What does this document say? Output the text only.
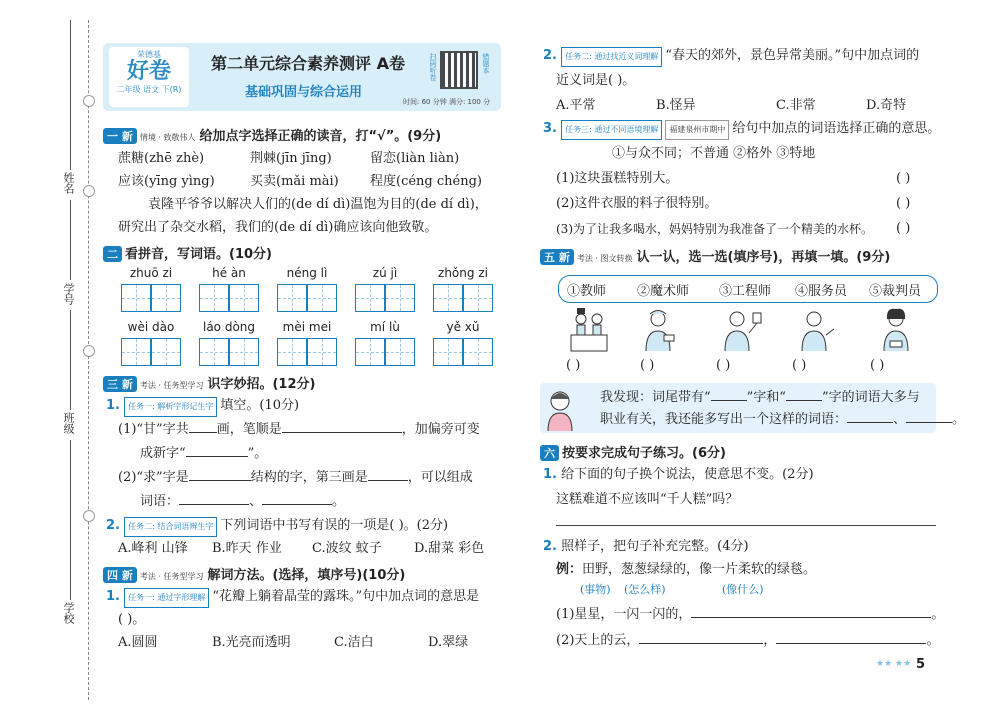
姓名
学号
班级
学校
荣德基
好卷
二年级 语文 下(R)
第二单元综合素养测评 A卷
基础巩固与综合运用
扫码听卷	错题本
时间: 60 分钟 满分: 100 分
一 新 情境 · 致敬伟人 给加点字选择正确的读音，打“√”。(9分)
蔗糖(zhē zhè)	荆棘(jīn jīng)	留恋(liàn liàn)
应该(yīng yìng)	买卖(mǎi mài) 程度(céng chéng)
袁隆平爷爷以解决人们的(de dí dì)温饱为目的(de dí dì)，
研究出了杂交水稻，我们的(de dí dì)确应该向他致敬。
二 看拼音，写词语。(10分)
zhuō zi	hé àn	néng lì	zú jì	zhǒng zi
wèi dào	láo dòng	mèi mei	mí lù	yě xǔ
三 新 考法 · 任务型学习 识字妙招。(12分)
1. 任务一: 解析字形记生字 填空。(10分)
(1)“甘”字共 画，笔顺是	，加偏旁可变
成新字“	”。
(2)“求”字是	结构的字，第三画是	，可以组成
词语：	、	。
2. 任务二: 结合词语辨生字 下列词语中书写有误的一项是( )。(2分)
A.峰利 山锋 B.昨天 作业 C.波纹 蚊子 D.甜菜 彩色
四 新 考法 · 任务型学习 解词方法。(选择，填序号)(10分)
1. 任务一: 通过字形理解 “花瓣上躺着晶莹的露珠。”句中加点词的意思是
( )。
A.圆圆	B.光亮而透明	C.洁白	D.翠绿
2. 任务二: 通过找近义词理解 “春天的郊外，景色异常美丽。”句中加点词的
近义词是( )。
A.平常	B.怪异	C.非常	D.奇特
3. 任务三: 通过不同语境理解 福建泉州市期中 给句中加点的词语选择正确的意思。
①与众不同；不普通 ②格外 ③特地
(1)这块蛋糕特别大。	( )
(2)这件衣服的料子很特别。	( )
(3)为了让我多喝水，妈妈特别为我准备了一个精美的水杯。 ( )
五 新 考法 · 图文转换 认一认，选一选(填序号)，再填一填。(9分)
①教师 ②魔术师 ③工程师 ④服务员 ⑤裁判员
( )	( )	( )	( )	( )
我发现：词尾带有“	”字和“	”字的词语大多与
职业有关，我还能多写出一个这样的词语：	、	。
六 按要求完成句子练习。(6分)
1. 给下面的句子换个说法，使意思不变。(2分)
这糕难道不应该叫“千人糕”吗？
2. 照样子，把句子补充完整。(4分)
例：田野，葱葱绿绿的，像一片柔软的绿毯。
(事物) (怎么样)	(像什么)
(1)星星，一闪一闪的，	。
(2)天上的云，	，	。
★★ ★★ 5
